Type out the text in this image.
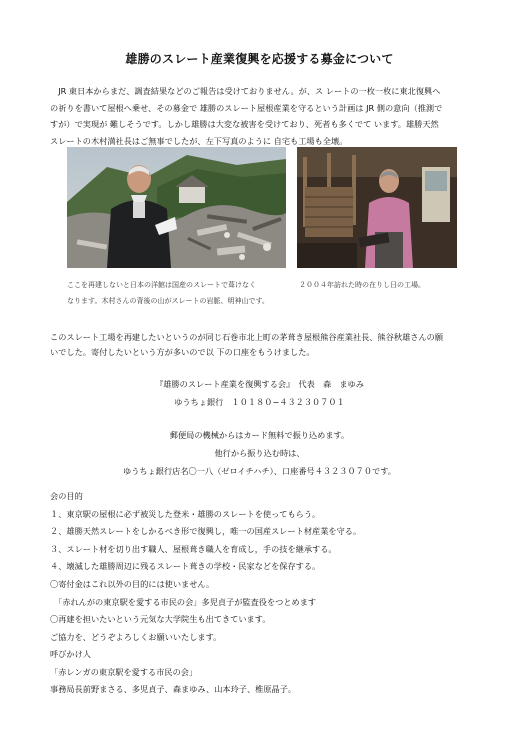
雄勝のスレート産業復興を応援する募金について
　JR 東日本からまだ、調査結果などのご報告は受けておりません。が、ス レートの一枚一枚に東北復興へ
の祈りを書いて屋根へ乗せ、その募金で 雄勝のスレート屋根産業を守るという計画は JR 側の意向（推測で
すが）で実現が 難しそうです。しかし雄勝は大変な被害を受けており、死者も多くでて います。雄勝天然
スレートの木村満社長はご無事でしたが、左下写真のように 自宅も工場も全壊。
ここを再建しないと日本の洋館は国産のスレートで葺けなく
なります。木村さんの背後の山がスレートの岩脈、明神山です。
２００４年訪れた時の在りし日の工場。
このスレート工場を再建したいというのが同じ石巻市北上町の茅葺き屋根熊谷産業社長、熊谷秋雄さんの願
いでした。寄付したいという方が多いので以 下の口座をもうけました。
『雄勝のスレート産業を復興する会』　代表　森　まゆみ
ゆうちょ銀行　１０１８０−４３２３０７０１
郵便局の機械からはカード無料で振り込めます。
他行から振り込む時は、
ゆうちょ銀行店名〇一八（ゼロイチハチ）、口座番号４３２３０７０です。
会の目的
１、東京駅の屋根に必ず被災した登米・雄勝のスレートを使ってもらう。
２、雄勝天然スレートをしかるべき形で復興し，唯一の国産スレート材産業を守る。
３、スレート材を切り出す職人、屋根葺き職人を育成し，手の技を継承する。
４、壊滅した雄勝周辺に残るスレート葺きの学校・民家などを保存する。
〇寄付金はこれ以外の目的には使いません。
　「赤れんがの東京駅を愛する市民の会」多児貞子が監査役をつとめます
〇再建を担いたいという元気な大学院生も出てきています。
ご協力を、どうぞよろしくお願いいたします。
呼びかけ人
「赤レンガの東京駅を愛する市民の会」
事務局長前野まさる、多児貞子、森まゆみ、山本玲子、椎原晶子。
